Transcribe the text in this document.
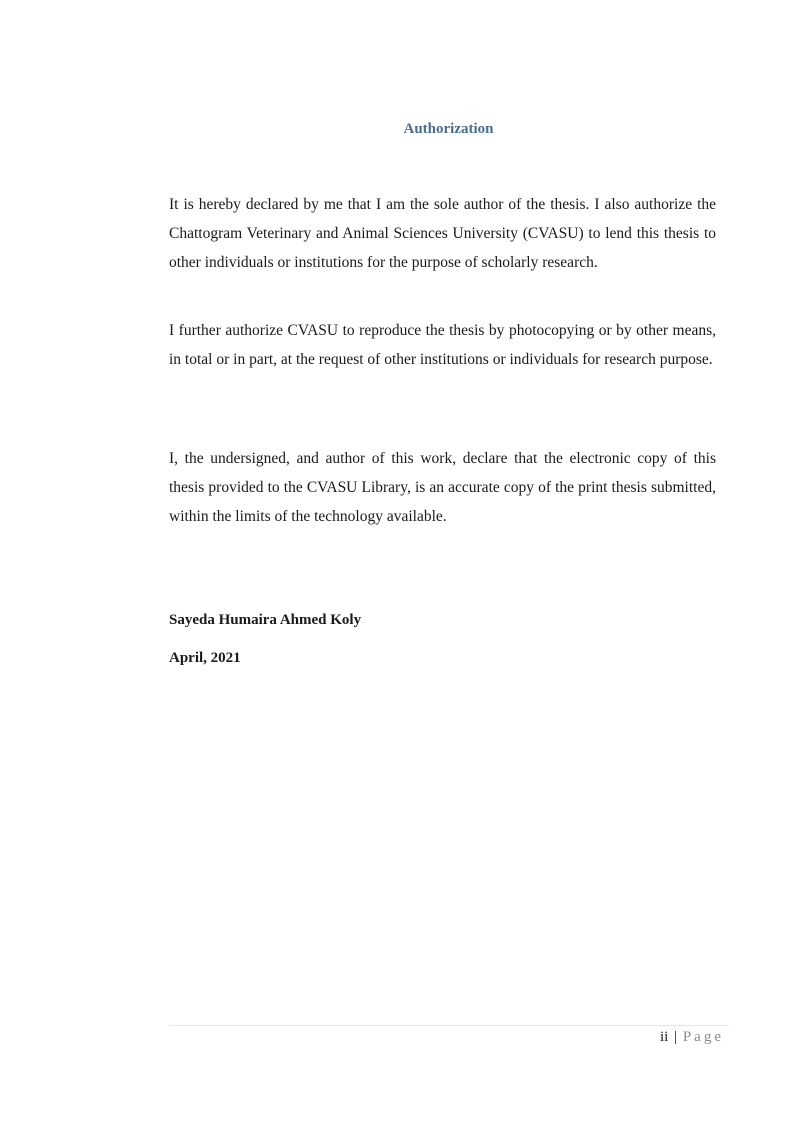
Authorization

It is hereby declared by me that I am the sole author of the thesis. I also authorize the Chattogram Veterinary and Animal Sciences University (CVASU) to lend this thesis to other individuals or institutions for the purpose of scholarly research.

I further authorize CVASU to reproduce the thesis by photocopying or by other means, in total or in part, at the request of other institutions or individuals for research purpose.

I, the undersigned, and author of this work, declare that the electronic copy of this thesis provided to the CVASU Library, is an accurate copy of the print thesis submitted, within the limits of the technology available.

Sayeda Humaira Ahmed Koly
April, 2021
ii | Page
